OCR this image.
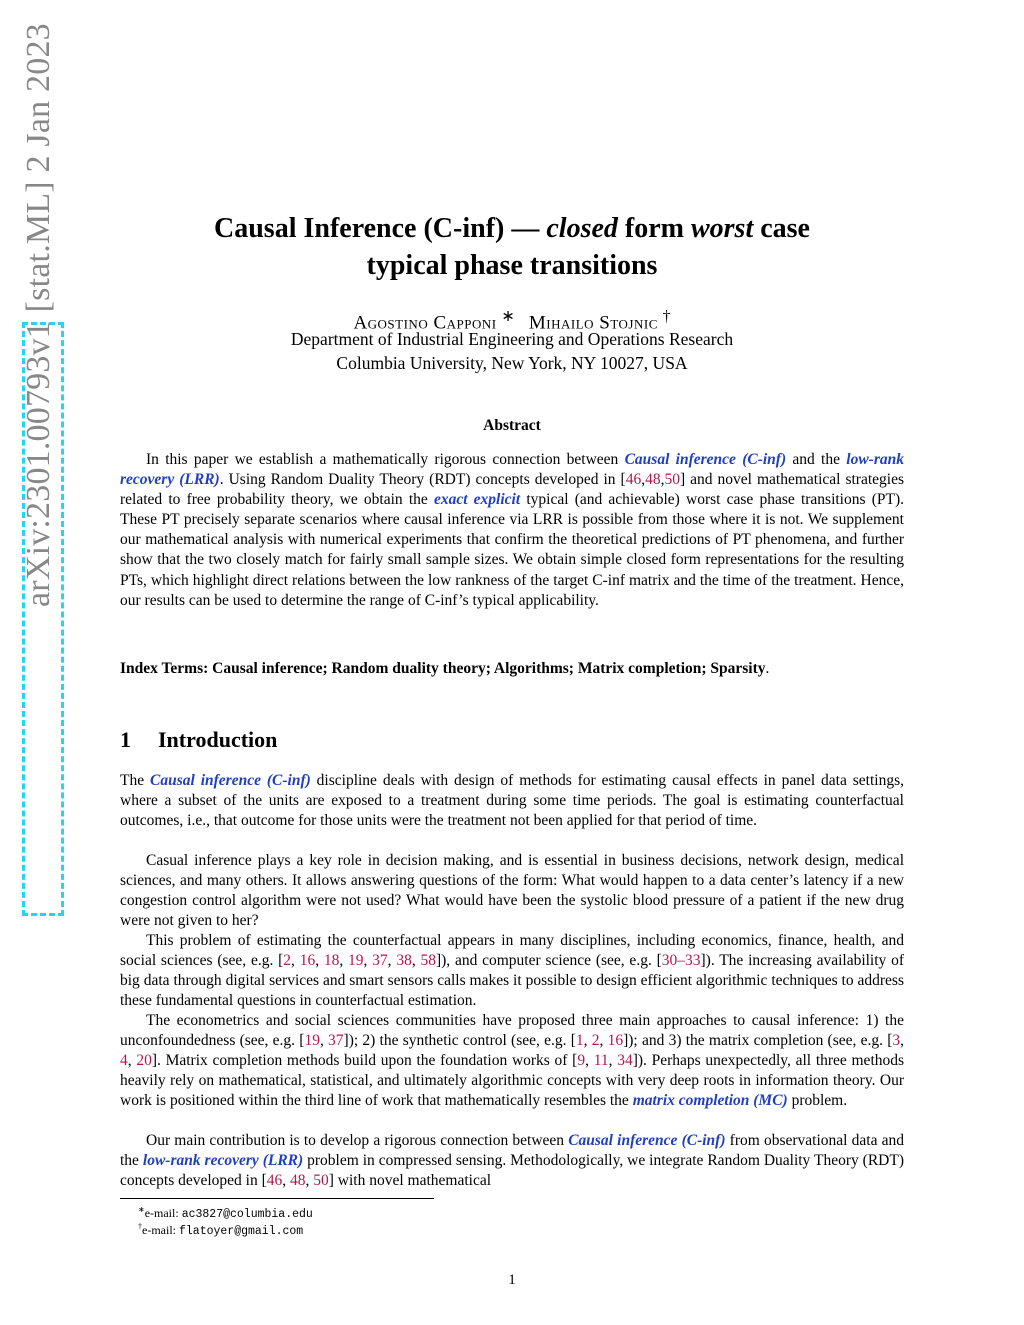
arXiv:2301.00793v1 [stat.ML] 2 Jan 2023	Causal Inference (C-inf) — closed form worst case
typical phase transitions
Agostino Capponi ∗ Mihailo Stojnic †
Department of Industrial Engineering and Operations Research
Columbia University, New York, NY 10027, USA
Abstract

In this paper we establish a mathematically rigorous connection between Causal inference (C-inf) and the low-rank recovery (LRR). Using Random Duality Theory (RDT) concepts developed in [46,48,50] and novel mathematical strategies related to free probability theory, we obtain the exact explicit typical (and achievable) worst case phase transitions (PT). These PT precisely separate scenarios where causal inference via LRR is possible from those where it is not. We supplement our mathematical analysis with numerical experiments that confirm the theoretical predictions of PT phenomena, and further show that the two closely match for fairly small sample sizes. We obtain simple closed form representations for the resulting PTs, which highlight direct relations between the low rankness of the target C-inf matrix and the time of the treatment. Hence, our results can be used to determine the range of C-inf’s typical applicability.

Index Terms: Causal inference; Random duality theory; Algorithms; Matrix completion; Sparsity.

1 Introduction

The Causal inference (C-inf) discipline deals with design of methods for estimating causal effects in panel data settings, where a subset of the units are exposed to a treatment during some time periods. The goal is estimating counterfactual outcomes, i.e., that outcome for those units were the treatment not been applied for that period of time.

Casual inference plays a key role in decision making, and is essential in business decisions, network design, medical sciences, and many others. It allows answering questions of the form: What would happen to a data center’s latency if a new congestion control algorithm were not used? What would have been the systolic blood pressure of a patient if the new drug were not given to her?

This problem of estimating the counterfactual appears in many disciplines, including economics, finance, health, and social sciences (see, e.g. [2, 16, 18, 19, 37, 38, 58]), and computer science (see, e.g. [30–33]). The increasing availability of big data through digital services and smart sensors calls makes it possible to design efficient algorithmic techniques to address these fundamental questions in counterfactual estimation.

The econometrics and social sciences communities have proposed three main approaches to causal inference: 1) the unconfoundedness (see, e.g. [19, 37]); 2) the synthetic control (see, e.g. [1, 2, 16]); and 3) the matrix completion (see, e.g. [3, 4, 20]. Matrix completion methods build upon the foundation works of [9, 11, 34]). Perhaps unexpectedly, all three methods heavily rely on mathematical, statistical, and ultimately algorithmic concepts with very deep roots in information theory. Our work is positioned within the third line of work that mathematically resembles the matrix completion (MC) problem.

Our main contribution is to develop a rigorous connection between Causal inference (C-inf) from observational data and the low-rank recovery (LRR) problem in compressed sensing. Methodologically, we integrate Random Duality Theory (RDT) concepts developed in [46, 48, 50] with novel mathematical

∗e-mail: ac3827@columbia.edu
†e-mail: flatoyer@gmail.com
1
